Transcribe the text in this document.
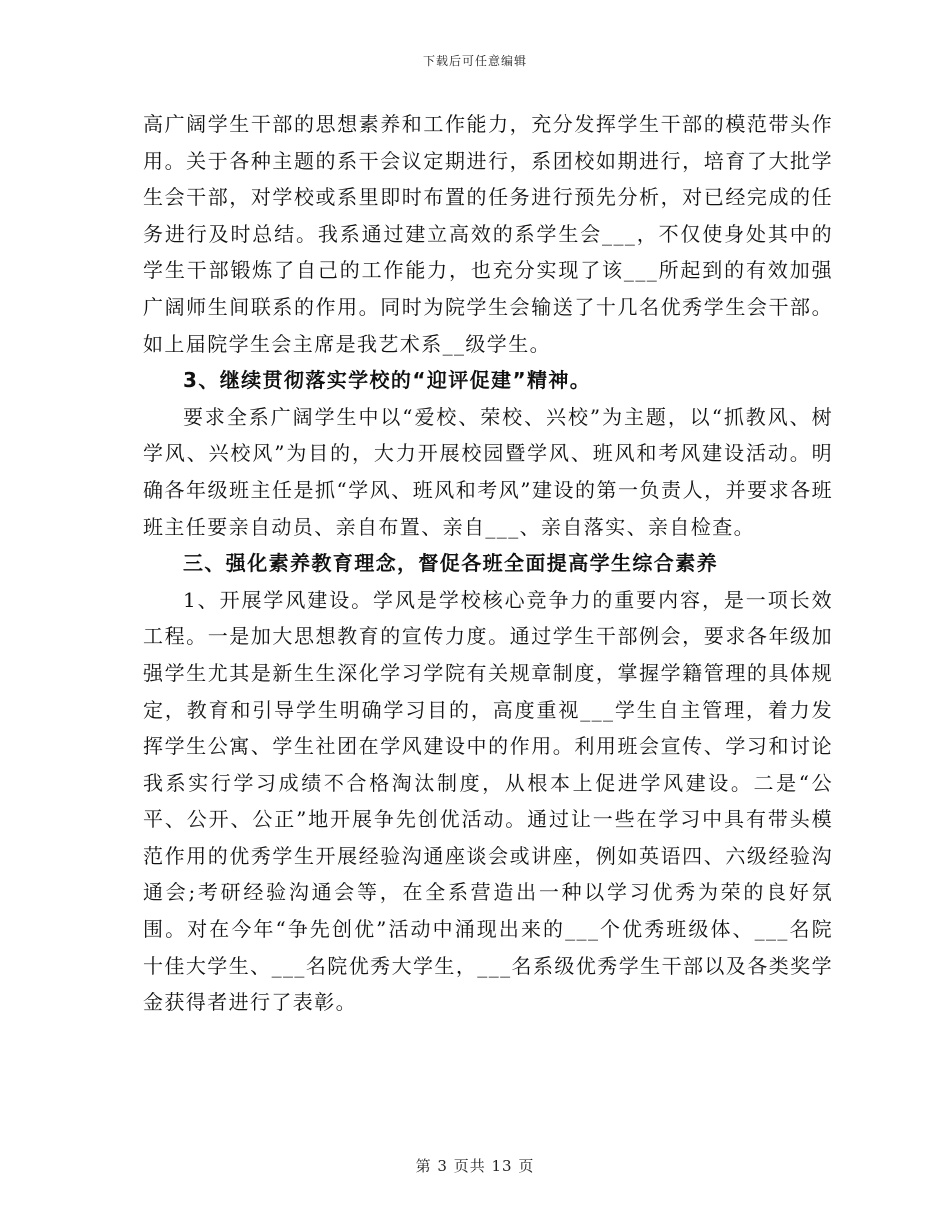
下载后可任意编辑

高广阔学生干部的思想素养和工作能力，充分发挥学生干部的模范带头作用。关于各种主题的系干会议定期进行，系团校如期进行，培育了大批学生会干部，对学校或系里即时布置的任务进行预先分析，对已经完成的任务进行及时总结。我系通过建立高效的系学生会___，不仅使身处其中的学生干部锻炼了自己的工作能力，也充分实现了该___所起到的有效加强广阔师生间联系的作用。同时为院学生会输送了十几名优秀学生会干部。如上届院学生会主席是我艺术系__级学生。

3、继续贯彻落实学校的“迎评促建”精神。

要求全系广阔学生中以“爱校、荣校、兴校”为主题，以“抓教风、树学风、兴校风”为目的，大力开展校园暨学风、班风和考风建设活动。明确各年级班主任是抓“学风、班风和考风”建设的第一负责人，并要求各班班主任要亲自动员、亲自布置、亲自___、亲自落实、亲自检查。

三、强化素养教育理念，督促各班全面提高学生综合素养

1、开展学风建设。学风是学校核心竞争力的重要内容，是一项长效工程。一是加大思想教育的宣传力度。通过学生干部例会，要求各年级加强学生尤其是新生生深化学习学院有关规章制度，掌握学籍管理的具体规定，教育和引导学生明确学习目的，高度重视___学生自主管理，着力发挥学生公寓、学生社团在学风建设中的作用。利用班会宣传、学习和讨论我系实行学习成绩不合格淘汰制度，从根本上促进学风建设。二是“公平、公开、公正”地开展争先创优活动。通过让一些在学习中具有带头模范作用的优秀学生开展经验沟通座谈会或讲座，例如英语四、六级经验沟通会;考研经验沟通会等，在全系营造出一种以学习优秀为荣的良好氛围。对在今年“争先创优”活动中涌现出来的___个优秀班级体、___名院十佳大学生、___名院优秀大学生，___名系级优秀学生干部以及各类奖学金获得者进行了表彰。

第 3 页共 13 页
